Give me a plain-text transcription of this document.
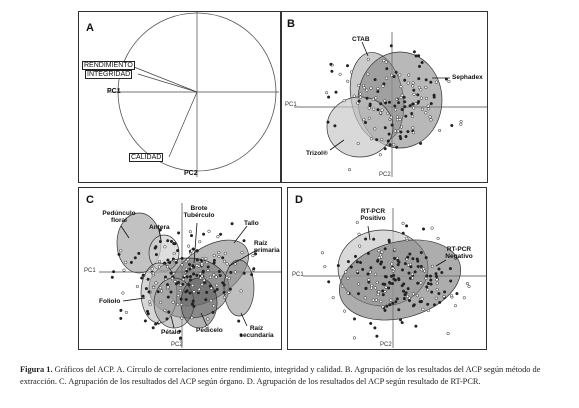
A
RENDIMIENTO
INTEGRIDAD
PC1
CALIDAD
PC2
B
CTAB
Sephadex
Trizol®
PC1
PC2
C
Pedúnculo floral
Antera
Brote Tubérculo
Tallo
Raíz primaria
Foliolo
Pétalo Pedicelo	Raíz secundaria
PC1
PC2
D
RT-PCR Positivo
RT-PCR Negativo
PC1
PC2
Figura 1. Gráficos del ACP. A. Círculo de correlaciones entre rendimiento, integridad y calidad. B. Agrupación de los resultados del ACP según método de extracción. C. Agrupación de los resultados del ACP según órgano. D. Agrupación de los resultados del ACP según resultado de RT-PCR.
